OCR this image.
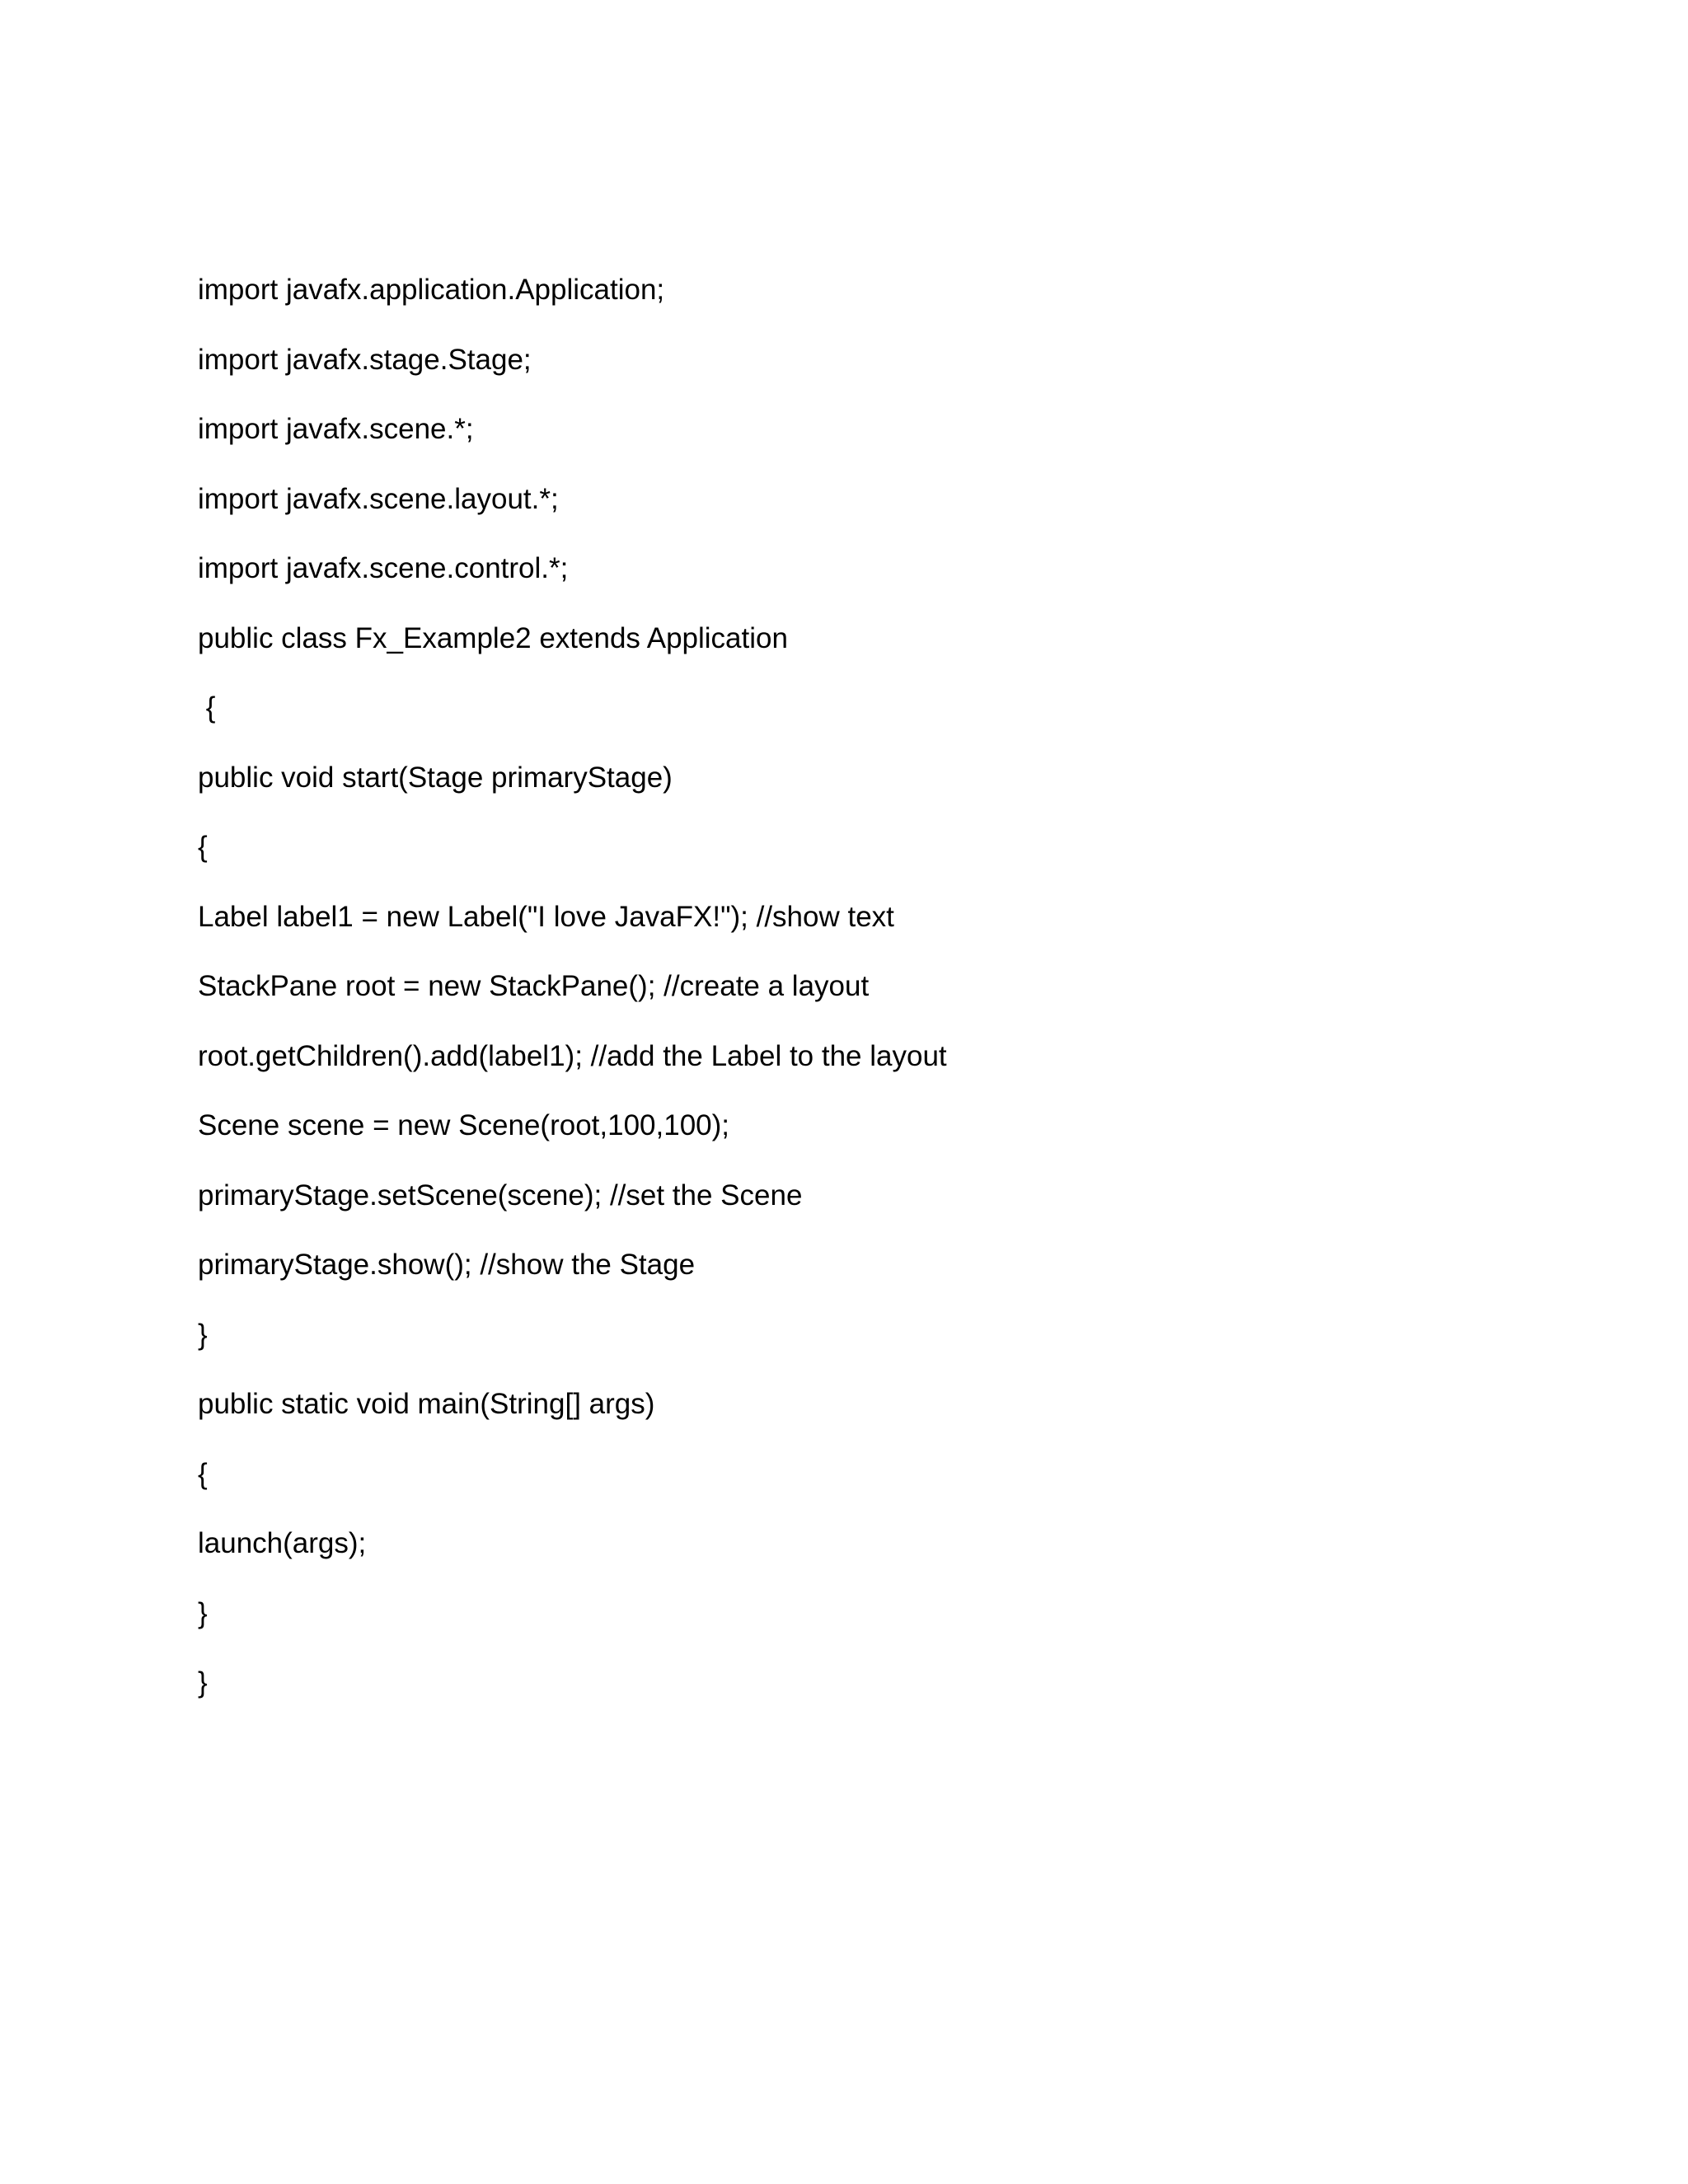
import javafx.application.Application;
import javafx.stage.Stage;
import javafx.scene.*;
import javafx.scene.layout.*;
import javafx.scene.control.*;
public class Fx_Example2 extends Application
{
public void start(Stage primaryStage)
{
Label label1 = new Label("I love JavaFX!"); //show text
StackPane root = new StackPane(); //create a layout
root.getChildren().add(label1); //add the Label to the layout
Scene scene = new Scene(root,100,100);
primaryStage.setScene(scene); //set the Scene
primaryStage.show(); //show the Stage
}
public static void main(String[] args)
{
launch(args);
}
}
